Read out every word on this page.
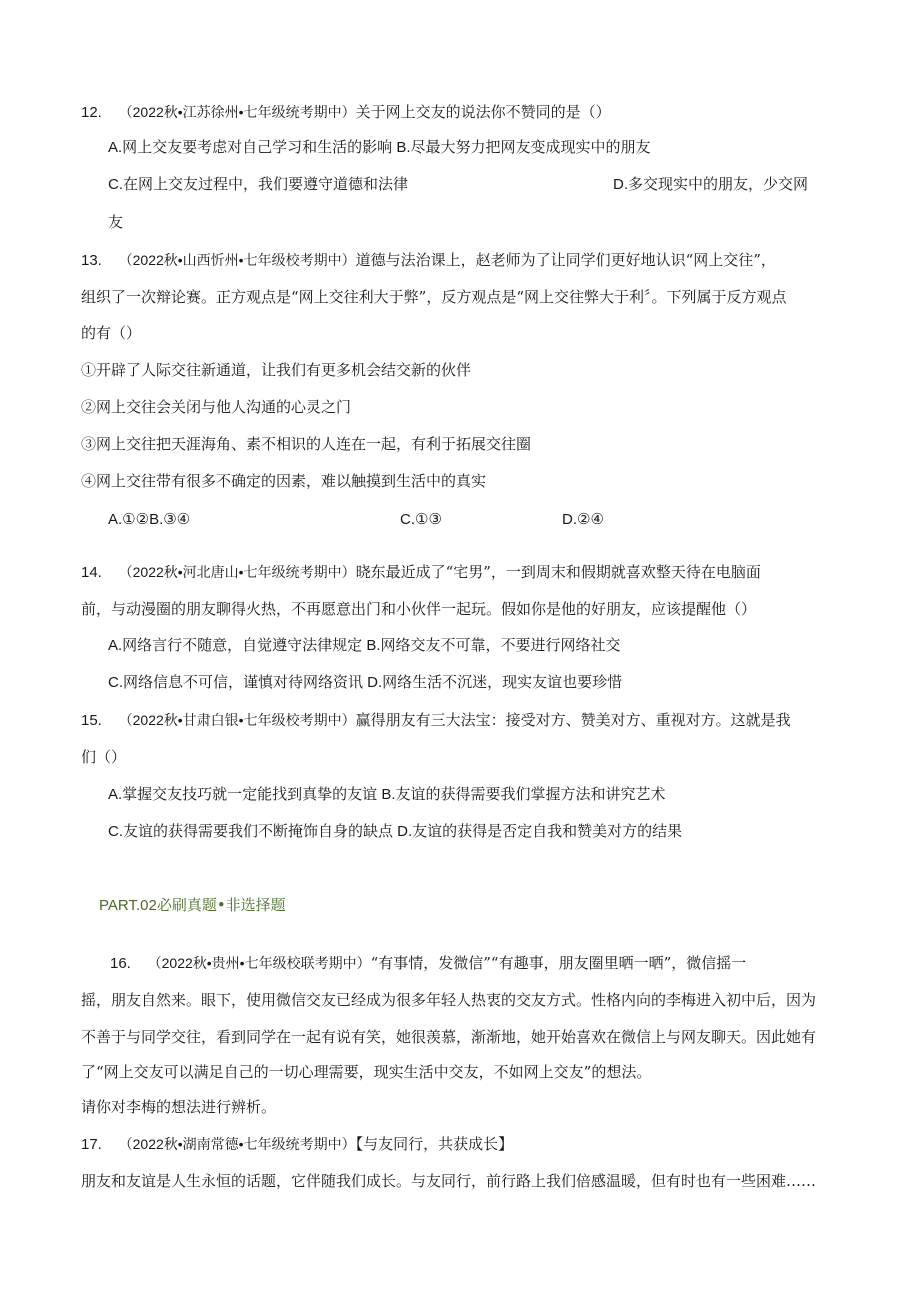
12. （2022秋•江苏徐州•七年级统考期中）关于网上交友的说法你不赞同的是（）
A.网上交友要考虑对自己学习和生活的影响 B.尽最大努力把网友变成现实中的朋友
C.在网上交友过程中，我们要遵守道德和法律	D.多交现实中的朋友，少交网
友
13. （2022秋•山西忻州•七年级校考期中）道德与法治课上，赵老师为了让同学们更好地认识“网上交往”，
组织了一次辩论赛。正方观点是“网上交往利大于弊”，反方观点是“网上交往弊大于利〞。下列属于反方观点
的有（）
①开辟了人际交往新通道，让我们有更多机会结交新的伙伴
②网上交往会关闭与他人沟通的心灵之门
③网上交往把天涯海角、素不相识的人连在一起，有利于拓展交往圈
④网上交往带有很多不确定的因素，难以触摸到生活中的真实
A.①②B.③④	C.①③	D.②④
14. （2022秋•河北唐山•七年级统考期中）晓东最近成了“宅男”，一到周末和假期就喜欢整天待在电脑面
前，与动漫圈的朋友聊得火热，不再愿意出门和小伙伴一起玩。假如你是他的好朋友，应该提醒他（）
A.网络言行不随意，自觉遵守法律规定 B.网络交友不可靠，不要进行网络社交
C.网络信息不可信，谨慎对待网络资讯 D.网络生活不沉迷，现实友谊也要珍惜
15. （2022秋•甘肃白银•七年级校考期中）赢得朋友有三大法宝：接受对方、赞美对方、重视对方。这就是我
们（）
A.掌握交友技巧就一定能找到真挚的友谊 B.友谊的获得需要我们掌握方法和讲究艺术
C.友谊的获得需要我们不断掩饰自身的缺点 D.友谊的获得是否定自我和赞美对方的结果
PART.02必刷真题•非选择题
16. （2022秋•贵州•七年级校联考期中）“有事情，发微信”“有趣事，朋友圈里晒一晒”，微信摇一
摇，朋友自然来。眼下，使用微信交友已经成为很多年轻人热衷的交友方式。性格内向的李梅进入初中后，因为
不善于与同学交往，看到同学在一起有说有笑，她很羡慕，渐渐地，她开始喜欢在微信上与网友聊天。因此她有
了“网上交友可以满足自己的一切心理需要，现实生活中交友，不如网上交友”的想法。
请你对李梅的想法进行辨析。
17. （2022秋•湖南常德•七年级统考期中）【与友同行，共获成长】
朋友和友谊是人生永恒的话题，它伴随我们成长。与友同行，前行路上我们倍感温暖，但有时也有一些困难……
